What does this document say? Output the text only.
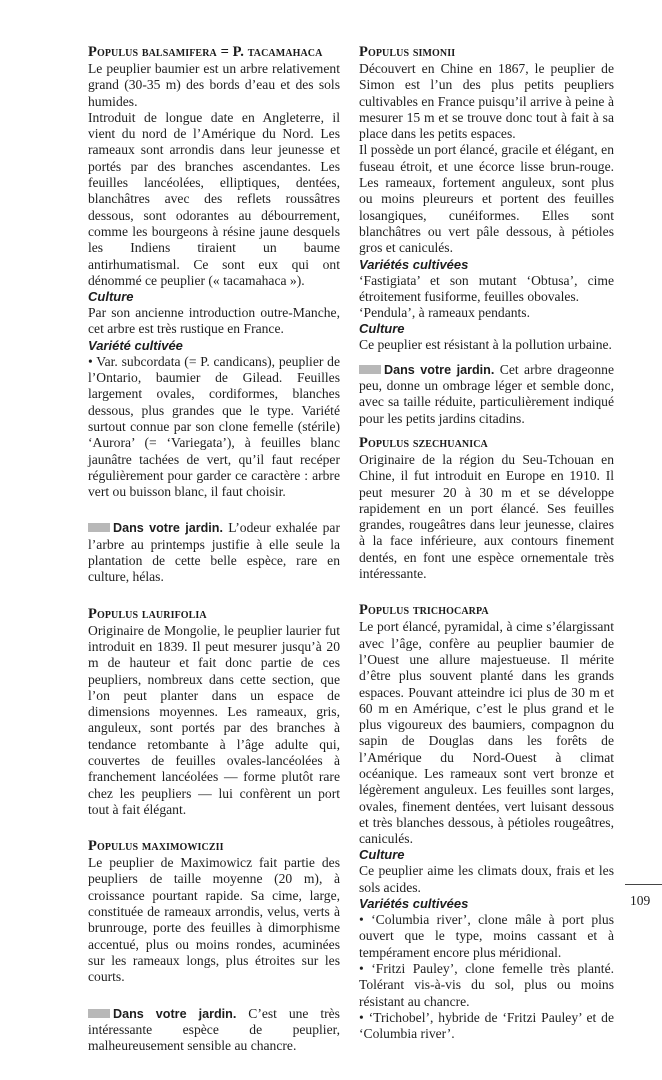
Populus balsamifera = P. tacamahaca

Le peuplier baumier est un arbre relativement grand (30-35 m) des bords d’eau et des sols humides.

Introduit de longue date en Angleterre, il vient du nord de l’Amérique du Nord. Les rameaux sont arrondis dans leur jeunesse et portés par des branches ascendantes. Les feuilles lancéolées, elliptiques, dentées, blanchâtres avec des reflets roussâtres dessous, sont odorantes au débourrement, comme les bourgeons à résine jaune desquels les Indiens tiraient un baume antirhumatismal. Ce sont eux qui ont dénommé ce peuplier (« tacamahaca »).

Culture

Par son ancienne introduction outre-Manche, cet arbre est très rustique en France.

Variété cultivée

• Var. subcordata (= P. candicans), peuplier de l’Ontario, baumier de Gilead. Feuilles largement ovales, cordiformes, blanches dessous, plus grandes que le type. Variété surtout connue par son clone femelle (stérile) ‘Aurora’ (= ‘Variegata’), à feuilles blanc jaunâtre tachées de vert, qu’il faut recéper régulièrement pour garder ce caractère : arbre vert ou buisson blanc, il faut choisir.

Dans votre jardin. L’odeur exhalée par l’arbre au printemps justifie à elle seule la plantation de cette belle espèce, rare en culture, hélas.

Populus laurifolia

Originaire de Mongolie, le peuplier laurier fut introduit en 1839. Il peut mesurer jusqu’à 20 m de hauteur et fait donc partie de ces peupliers, nombreux dans cette section, que l’on peut planter dans un espace de dimensions moyennes. Les rameaux, gris, anguleux, sont portés par des branches à tendance retombante à l’âge adulte qui, couvertes de feuilles ovales-lancéolées à franchement lancéolées — forme plutôt rare chez les peupliers — lui confèrent un port tout à fait élégant.

Populus maximowiczii

Le peuplier de Maximowicz fait partie des peupliers de taille moyenne (20 m), à croissance pourtant rapide. Sa cime, large, constituée de rameaux arrondis, velus, verts à brunrouge, porte des feuilles à dimorphisme accentué, plus ou moins rondes, acuminées sur les rameaux longs, plus étroites sur les courts.

Dans votre jardin. C’est une très intéressante espèce de peuplier, malheureusement sensible au chancre.

Populus simonii

Découvert en Chine en 1867, le peuplier de Simon est l’un des plus petits peupliers cultivables en France puisqu’il arrive à peine à mesurer 15 m et se trouve donc tout à fait à sa place dans les petits espaces.

Il possède un port élancé, gracile et élégant, en fuseau étroit, et une écorce lisse brun-rouge. Les rameaux, fortement anguleux, sont plus ou moins pleureurs et portent des feuilles losangiques, cunéiformes. Elles sont blanchâtres ou vert pâle dessous, à pétioles gros et caniculés.

Variétés cultivées

‘Fastigiata’ et son mutant ‘Obtusa’, cime étroitement fusiforme, feuilles obovales.

‘Pendula’, à rameaux pendants.

Culture

Ce peuplier est résistant à la pollution urbaine.

Dans votre jardin. Cet arbre drageonne peu, donne un ombrage léger et semble donc, avec sa taille réduite, particulièrement indiqué pour les petits jardins citadins.

Populus szechuanica

Originaire de la région du Seu-Tchouan en Chine, il fut introduit en Europe en 1910. Il peut mesurer 20 à 30 m et se développe rapidement en un port élancé. Ses feuilles grandes, rougeâtres dans leur jeunesse, claires à la face inférieure, aux contours finement dentés, en font une espèce ornementale très intéressante.

Populus trichocarpa

Le port élancé, pyramidal, à cime s’élargissant avec l’âge, confère au peuplier baumier de l’Ouest une allure majestueuse. Il mérite d’être plus souvent planté dans les grands espaces. Pouvant atteindre ici plus de 30 m et 60 m en Amérique, c’est le plus grand et le plus vigoureux des baumiers, compagnon du sapin de Douglas dans les forêts de l’Amérique du Nord-Ouest à climat océanique. Les rameaux sont vert bronze et légèrement anguleux. Les feuilles sont larges, ovales, finement dentées, vert luisant dessous et très blanches dessous, à pétioles rougeâtres, caniculés.

Culture

Ce peuplier aime les climats doux, frais et les sols acides.

Variétés cultivées

• ‘Columbia river’, clone mâle à port plus ouvert que le type, moins cassant et à tempérament encore plus méridional.

• ‘Fritzi Pauley’, clone femelle très planté. Tolérant vis-à-vis du sol, plus ou moins résistant au chancre.

• ‘Trichobel’, hybride de ‘Fritzi Pauley’ et de ‘Columbia river’.

109
